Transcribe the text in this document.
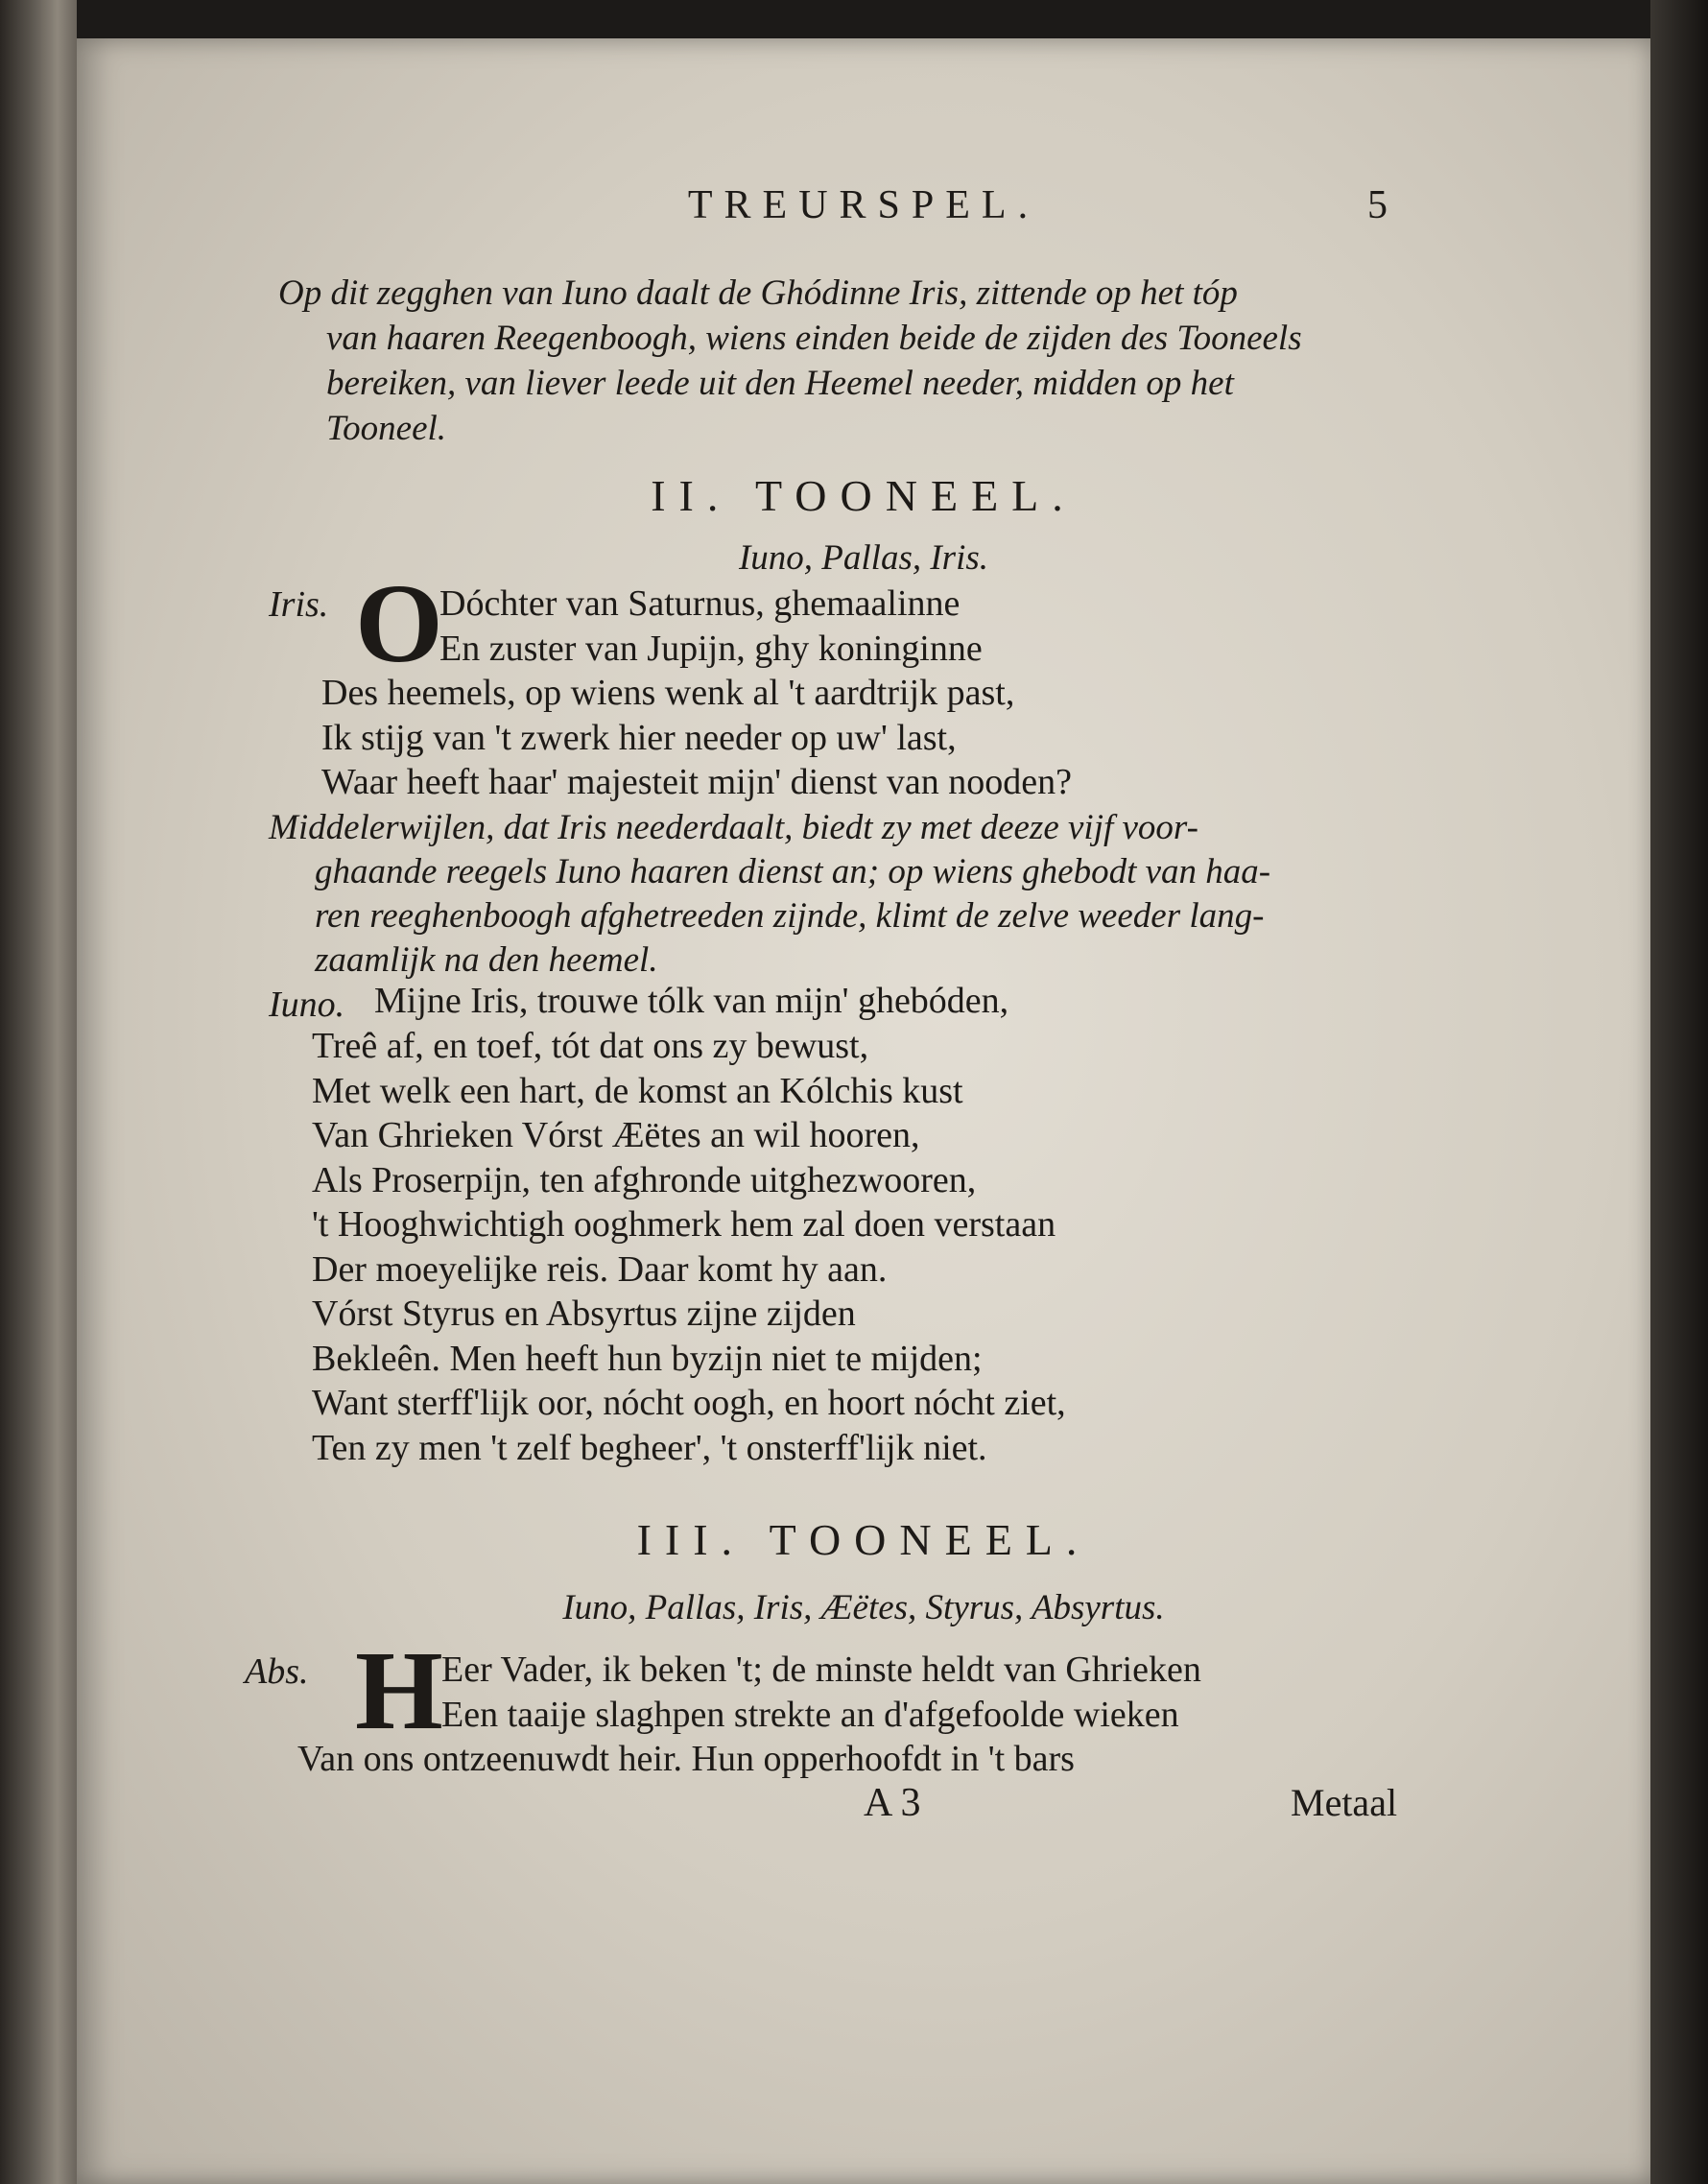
TREURSPEL.	5
Op dit zegghen van Iuno daalt de Ghódinne Iris, zittende op het tóp
van haaren Reegenboogh, wiens einden beide de zijden des Tooneels
bereiken, van liever leede uit den Heemel needer, midden op het
Tooneel.
II. TOONEEL.
Iuno, Pallas, Iris.
Iris. O
Dóchter van Saturnus, ghemaalinne
En zuster van Jupijn, ghy koninginne
Des heemels, op wiens wenk al 't aardtrijk past,
Ik stijg van 't zwerk hier needer op uw' last,
Waar heeft haar' majesteit mijn' dienst van nooden?
Middelerwijlen, dat Iris neederdaalt, biedt zy met deeze vijf voor-
ghaande reegels Iuno haaren dienst an; op wiens ghebodt van haa-
ren reeghenboogh afghetreeden zijnde, klimt de zelve weeder lang-
zaamlijk na den heemel.
Iuno. Mijne Iris, trouwe tólk van mijn' ghebóden,
Treê af, en toef, tót dat ons zy bewust,
Met welk een hart, de komst an Kólchis kust
Van Ghrieken Vórst Æëtes an wil hooren,
Als Proserpijn, ten afghronde uitghezwooren,
't Hooghwichtigh ooghmerk hem zal doen verstaan
Der moeyelijke reis. Daar komt hy aan.
Vórst Styrus en Absyrtus zijne zijden
Bekleên. Men heeft hun byzijn niet te mijden;
Want sterff'lijk oor, nócht oogh, en hoort nócht ziet,
Ten zy men 't zelf begheer', 't onsterff'lijk niet.
III. TOONEEL.
Iuno, Pallas, Iris, Æëtes, Styrus, Absyrtus.
Abs. H
Eer Vader, ik beken 't; de minste heldt van Ghrieken
Een taaije slaghpen strekte an d'afgefoolde wieken
Van ons ontzeenuwdt heir. Hun opperhoofdt in 't bars
A 3	Metaal
